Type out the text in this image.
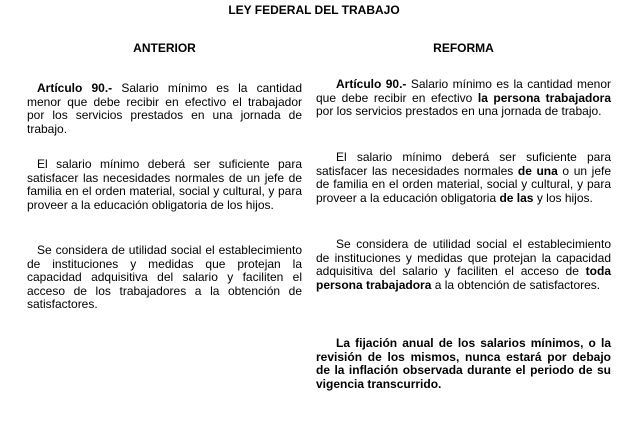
LEY FEDERAL DEL TRABAJO
ANTERIOR	REFORMA

Artículo 90.- Salario mínimo es la cantidad menor que debe recibir en efectivo el trabajador por los servicios prestados en una jornada de trabajo.

El salario mínimo deberá ser suficiente para satisfacer las necesidades normales de un jefe de familia en el orden material, social y cultural, y para proveer a la educación obligatoria de los hijos.

Se considera de utilidad social el establecimiento de instituciones y medidas que protejan la capacidad adquisitiva del salario y faciliten el acceso de los trabajadores a la obtención de satisfactores.

Artículo 90.- Salario mínimo es la cantidad menor que debe recibir en efectivo la persona trabajadora por los servicios prestados en una jornada de trabajo.

El salario mínimo deberá ser suficiente para satisfacer las necesidades normales de una o un jefe de familia en el orden material, social y cultural, y para proveer a la educación obligatoria de las y los hijos.

Se considera de utilidad social el establecimiento de instituciones y medidas que protejan la capacidad adquisitiva del salario y faciliten el acceso de toda persona trabajadora a la obtención de satisfactores.

La fijación anual de los salarios mínimos, o la revisión de los mismos, nunca estará por debajo de la inflación observada durante el periodo de su vigencia transcurrido.
